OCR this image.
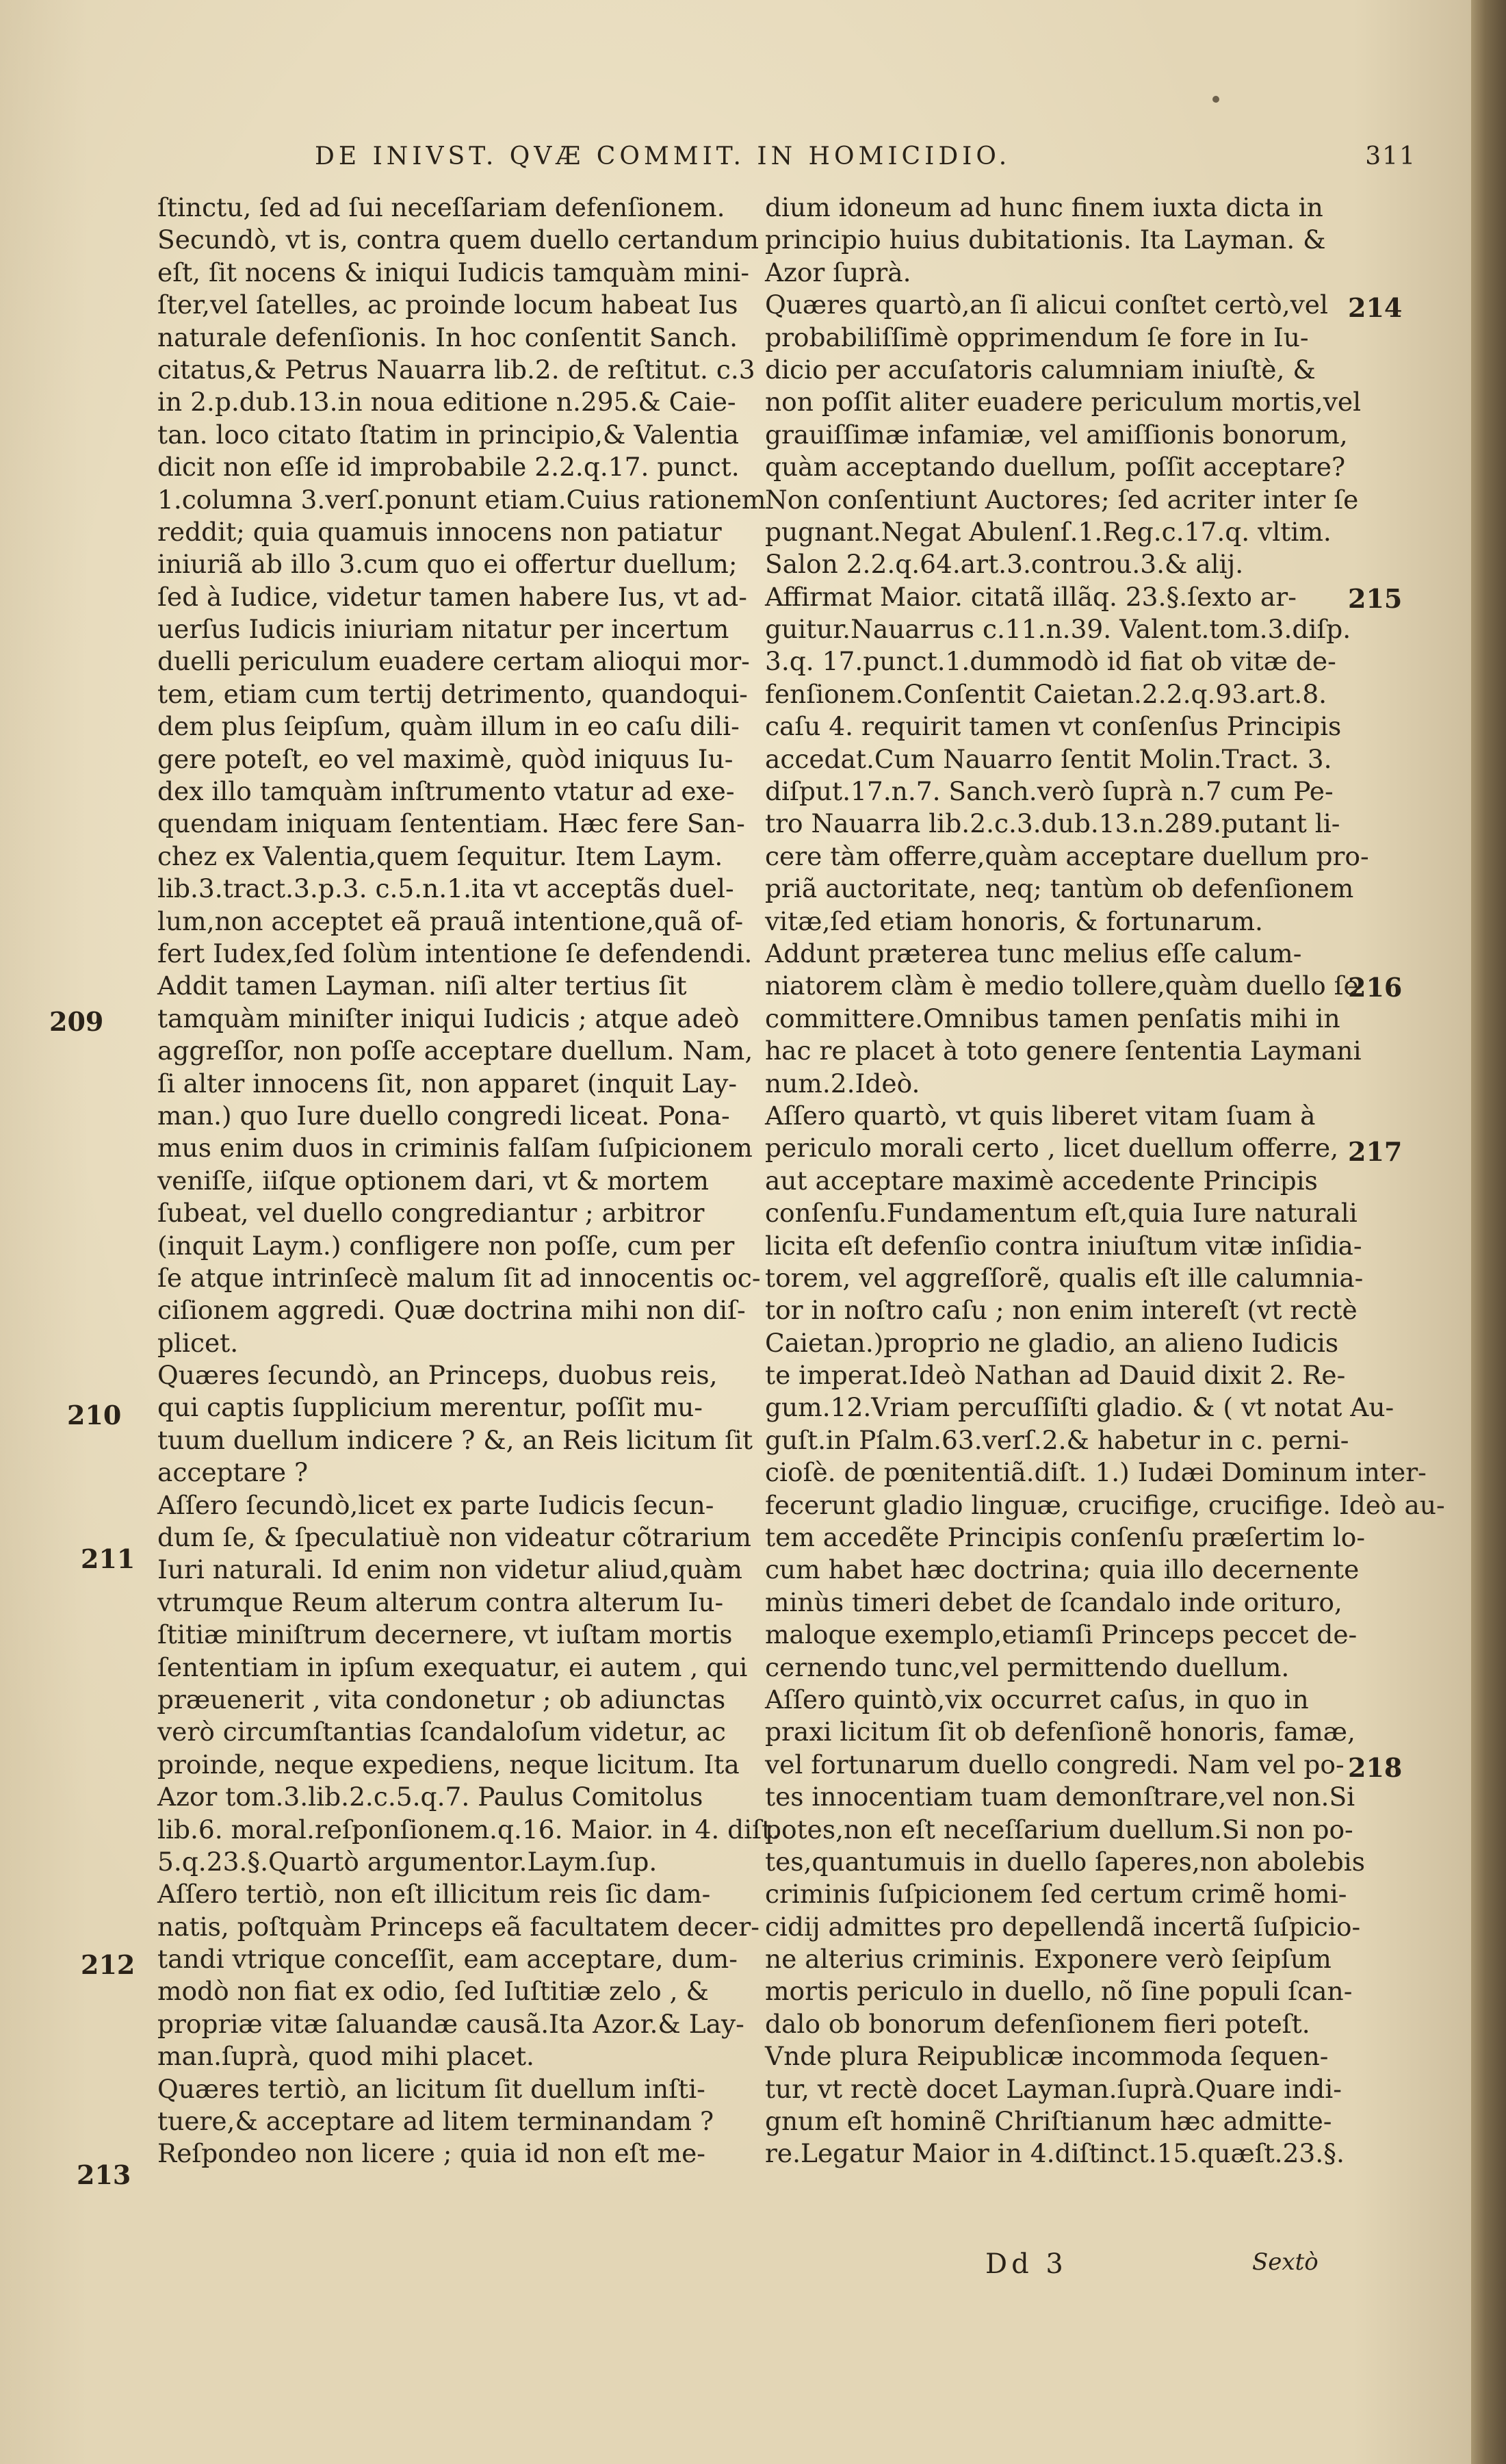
DE INIVST. QVÆ COMMIT. IN HOMICIDIO.	311
ſtinctu, ſed ad ſui neceſſariam defenſionem.
Secundò, vt is, contra quem duello certandum
eſt, ſit nocens & iniqui Iudicis tamquàm mini-
ſter,vel ſatelles, ac proinde locum habeat Ius
naturale defenſionis. In hoc conſentit Sanch.
citatus,& Petrus Nauarra lib.2. de reſtitut. c.3
in 2.p.dub.13.in noua editione n.295.& Caie-
tan. loco citato ſtatim in principio,& Valentia
dicit non eſſe id improbabile 2.2.q.17. punct.
1.columna 3.verſ.ponunt etiam.Cuius rationem
reddit; quia quamuis innocens non patiatur
iniuriã ab illo 3.cum quo ei offertur duellum;
ſed à Iudice, videtur tamen habere Ius, vt ad-
uerſus Iudicis iniuriam nitatur per incertum
duelli periculum euadere certam alioqui mor-
tem, etiam cum tertij detrimento, quandoqui-
dem plus ſeipſum, quàm illum in eo caſu dili-
gere poteſt, eo vel maximè, quòd iniquus Iu-
dex illo tamquàm inſtrumento vtatur ad exe-
quendam iniquam ſententiam. Hæc fere San-
chez ex Valentia,quem ſequitur. Item Laym.
lib.3.tract.3.p.3. c.5.n.1.ita vt acceptãs duel-
lum,non acceptet eã prauã intentione,quã of-
fert Iudex,ſed ſolùm intentione ſe defendendi.
Addit tamen Layman. niſi alter tertius ſit
tamquàm miniſter iniqui Iudicis ; atque adeò
aggreſſor, non poſſe acceptare duellum. Nam,
ſi alter innocens ſit, non apparet (inquit Lay-
man.) quo Iure duello congredi liceat. Pona-
mus enim duos in criminis falſam ſuſpicionem
veniſſe, iiſque optionem dari, vt & mortem
ſubeat, vel duello congrediantur ; arbitror
(inquit Laym.) confligere non poſſe, cum per
ſe atque intrinſecè malum ſit ad innocentis oc-
ciſionem aggredi. Quæ doctrina mihi non diſ-
plicet.
Quæres ſecundò, an Princeps, duobus reis,
qui captis ſupplicium merentur, poſſit mu-
tuum duellum indicere ? &, an Reis licitum ſit
acceptare ?
Aſſero ſecundò,licet ex parte Iudicis ſecun-
dum ſe, & ſpeculatiuè non videatur cõtrarium
Iuri naturali. Id enim non videtur aliud,quàm
vtrumque Reum alterum contra alterum Iu-
ſtitiæ miniſtrum decernere, vt iuſtam mortis
ſententiam in ipſum exequatur, ei autem , qui
præuenerit , vita condonetur ; ob adiunctas
verò circumſtantias ſcandaloſum videtur, ac
proinde, neque expediens, neque licitum. Ita
Azor tom.3.lib.2.c.5.q.7. Paulus Comitolus
lib.6. moral.reſponſionem.q.16. Maior. in 4. diſt.
5.q.23.§.Quartò argumentor.Laym.ſup.
Aſſero tertiò, non eſt illicitum reis ſic dam-
natis, poſtquàm Princeps eã facultatem decer-
tandi vtrique conceſſit, eam acceptare, dum-
modò non fiat ex odio, ſed Iuſtitiæ zelo , &
propriæ vitæ ſaluandæ causã.Ita Azor.& Lay-
man.ſuprà, quod mihi placet.
Quæres tertiò, an licitum ſit duellum inſti-
tuere,& acceptare ad litem terminandam ?
Reſpondeo non licere ; quia id non eſt me-
dium idoneum ad hunc finem iuxta dicta in
principio huius dubitationis. Ita Layman. &
Azor ſuprà.
Quæres quartò,an ſi alicui conſtet certò,vel
probabiliſſimè opprimendum ſe fore in Iu-
dicio per accuſatoris calumniam iniuſtè, &
non poſſit aliter euadere periculum mortis,vel
grauiſſimæ infamiæ, vel amiſſionis bonorum,
quàm acceptando duellum, poſſit acceptare?
Non conſentiunt Auctores; ſed acriter inter ſe
pugnant.Negat Abulenſ.1.Reg.c.17.q. vltim.
Salon 2.2.q.64.art.3.controu.3.& alij.
Affirmat Maior. citatã illãq. 23.§.ſexto ar-
guitur.Nauarrus c.11.n.39. Valent.tom.3.diſp.
3.q. 17.punct.1.dummodò id fiat ob vitæ de-
fenſionem.Conſentit Caietan.2.2.q.93.art.8.
caſu 4. requirit tamen vt conſenſus Principis
accedat.Cum Nauarro ſentit Molin.Tract. 3.
diſput.17.n.7. Sanch.verò ſuprà n.7 cum Pe-
tro Nauarra lib.2.c.3.dub.13.n.289.putant li-
cere tàm offerre,quàm acceptare duellum pro-
priã auctoritate, neq; tantùm ob defenſionem
vitæ,ſed etiam honoris, & fortunarum.
Addunt præterea tunc melius eſſe calum-
niatorem clàm è medio tollere,quàm duello ſe
committere.Omnibus tamen penſatis mihi in
hac re placet à toto genere ſententia Laymani
num.2.Ideò.
Aſſero quartò, vt quis liberet vitam ſuam à
periculo morali certo , licet duellum offerre,
aut acceptare maximè accedente Principis
conſenſu.Fundamentum eſt,quia Iure naturali
licita eſt defenſio contra iniuſtum vitæ inſidia-
torem, vel aggreſſorẽ, qualis eſt ille calumnia-
tor in noſtro caſu ; non enim intereſt (vt rectè
Caietan.)proprio ne gladio, an alieno Iudicis
te imperat.Ideò Nathan ad Dauid dixit 2. Re-
gum.12.Vriam percuſſiſti gladio. & ( vt notat Au-
guſt.in Pſalm.63.verſ.2.& habetur in c. perni-
cioſè. de pœnitentiã.diſt. 1.) Iudæi Dominum inter-
fecerunt gladio linguæ, crucifige, crucifige. Ideò au-
tem accedẽte Principis conſenſu præſertim lo-
cum habet hæc doctrina; quia illo decernente
minùs timeri debet de ſcandalo inde orituro,
maloque exemplo,etiamſi Princeps peccet de-
cernendo tunc,vel permittendo duellum.
Aſſero quintò,vix occurret caſus, in quo in
praxi licitum ſit ob defenſionẽ honoris, famæ,
vel fortunarum duello congredi. Nam vel po-
tes innocentiam tuam demonſtrare,vel non.Si
potes,non eſt neceſſarium duellum.Si non po-
tes,quantumuis in duello ſaperes,non abolebis
criminis ſuſpicionem ſed certum crimẽ homi-
cidij admittes pro depellendã incertã ſuſpicio-
ne alterius criminis. Exponere verò ſeipſum
mortis periculo in duello, nõ ſine populi ſcan-
dalo ob bonorum defenſionem fieri poteſt.
Vnde plura Reipublicæ incommoda ſequen-
tur, vt rectè docet Layman.ſuprà.Quare indi-
gnum eſt hominẽ Chriſtianum hæc admitte-
re.Legatur Maior in 4.diſtinct.15.quæſt.23.§.
209
210
211
212
213
214
215
216
217
218
Dd 3	Sextò
